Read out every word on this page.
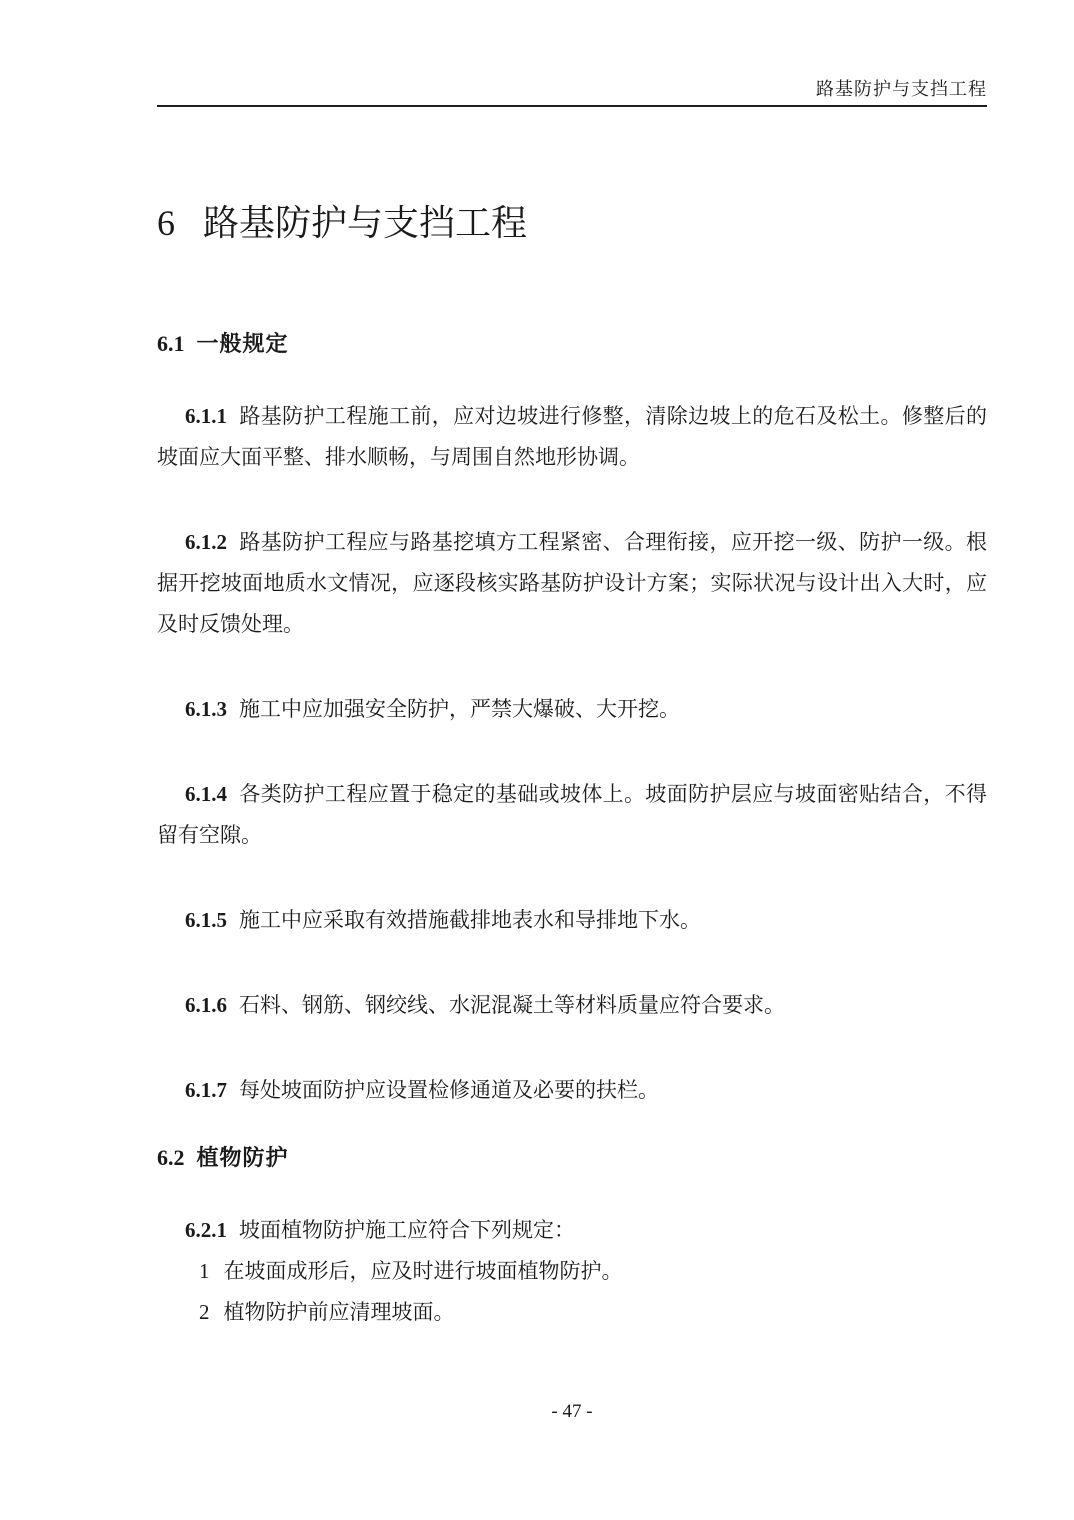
路基防护与支挡工程
6 路基防护与支挡工程
6.1 一般规定

6.1.1 路基防护工程施工前，应对边坡进行修整，清除边坡上的危石及松土。修整后的坡面应大面平整、排水顺畅，与周围自然地形协调。

6.1.2 路基防护工程应与路基挖填方工程紧密、合理衔接，应开挖一级、防护一级。根据开挖坡面地质水文情况，应逐段核实路基防护设计方案；实际状况与设计出入大时，应及时反馈处理。

6.1.3 施工中应加强安全防护，严禁大爆破、大开挖。

6.1.4 各类防护工程应置于稳定的基础或坡体上。坡面防护层应与坡面密贴结合，不得留有空隙。

6.1.5 施工中应采取有效措施截排地表水和导排地下水。

6.1.6 石料、钢筋、钢绞线、水泥混凝土等材料质量应符合要求。

6.1.7 每处坡面防护应设置检修通道及必要的扶栏。

6.2 植物防护

6.2.1 坡面植物防护施工应符合下列规定：

1 在坡面成形后，应及时进行坡面植物防护。

2 植物防护前应清理坡面。

- 47 -
